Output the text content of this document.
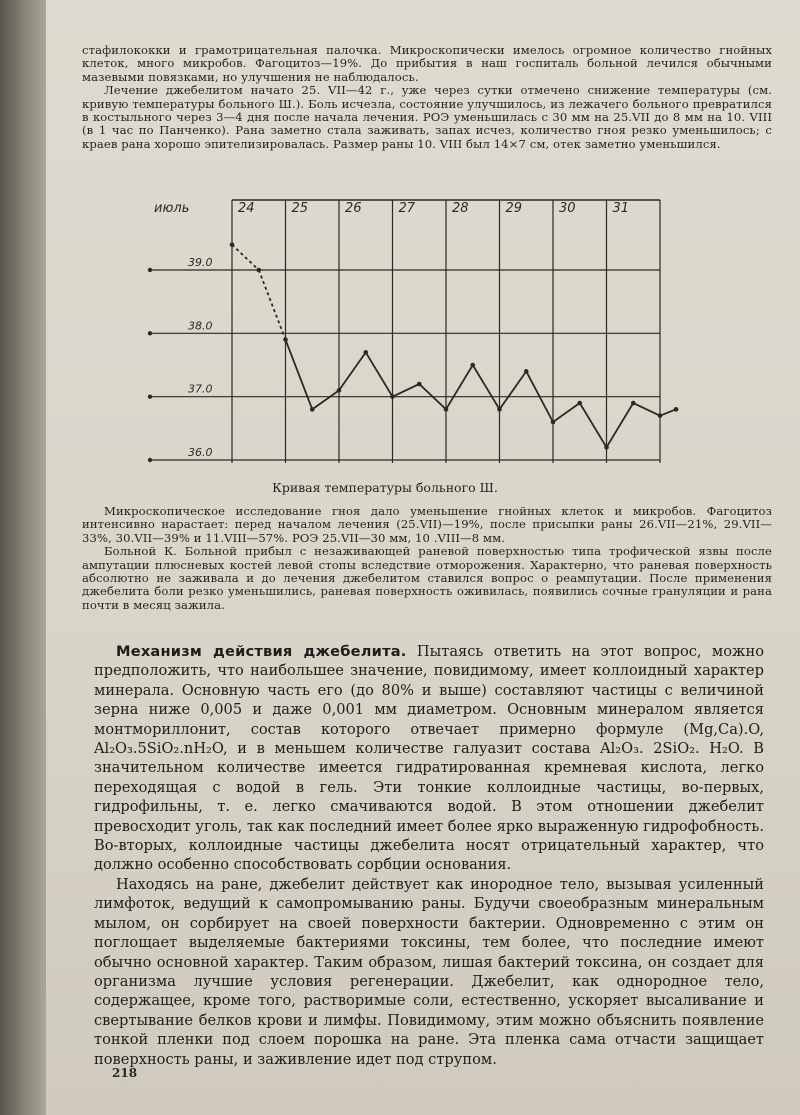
стафилококки и грамотрицательная палочка. Микроскопически имелось огромное количество гнойных клеток, много микробов. Фагоцитоз—19%. До прибытия в наш госпиталь больной лечился обычными мазевыми повязками, но улучшения не наблюдалось.

Лечение джебелитом начато 25. VII—42 г., уже через сутки отмечено снижение температуры (см. кривую температуры больного Ш.). Боль исчезла, состояние улучшилось, из лежачего больного превратился в костыльного через 3—4 дня после начала лечения. РОЭ уменьшилась с 30 мм на 25.VII до 8 мм на 10. VIII (в 1 час по Панченко). Рана заметно стала заживать, запах исчез, количество гноя резко уменьшилось; с краев рана хорошо эпителизировалась. Размер раны 10. VIII был 14×7 см, отек заметно уменьшился.

июль	24	25	26	27	28	29	30	31
39.0
38.0
37.0
36.0
Кривая температуры больного Ш.

Микроскопическое исследование гноя дало уменьшение гнойных клеток и микробов. Фагоцитоз интенсивно нарастает: перед началом лечения (25.VII)—19%, после присыпки раны 26.VII—21%, 29.VII—33%, 30.VII—39% и 11.VIII—57%. РОЭ 25.VII—30 мм, 10 .VIII—8 мм.

Больной К. Больной прибыл с незаживающей раневой поверхностью типа трофической язвы после ампутации плюсневых костей левой стопы вследствие отморожения. Характерно, что раневая поверхность абсолютно не заживала и до лечения джебелитом ставился вопрос о реампутации. После применения джебелита боли резко уменьшились, раневая поверхность оживилась, появились сочные грануляции и рана почти в месяц зажила.

Механизм действия джебелита. Пытаясь ответить на этот вопрос, можно предположить, что наибольшее значение, повидимому, имеет коллоидный характер минерала. Основную часть его (до 80% и выше) составляют частицы с величиной зерна ниже 0,005 и даже 0,001 мм диаметром. Основным минералом является монтмориллонит, состав которого отвечает примерно формуле (Mg,Ca).O, Al₂O₃.5SiO₂.nH₂O, и в меньшем количестве галуазит состава Al₂O₃. 2SiO₂. H₂O. В значительном количестве имеется гидратированная кремневая кислота, легко переходящая с водой в гель. Эти тонкие коллоидные частицы, во-первых, гидрофильны, т. е. легко смачиваются водой. В этом отношении джебелит превосходит уголь, так как последний имеет более ярко выраженную гидрофобность. Во-вторых, коллоидные частицы джебелита носят отрицательный характер, что должно особенно способствовать сорбции основания.

Находясь на ране, джебелит действует как инородное тело, вызывая усиленный лимфоток, ведущий к самопромыванию раны. Будучи своеобразным минеральным мылом, он сорбирует на своей поверхности бактерии. Одновременно с этим он поглощает выделяемые бактериями токсины, тем более, что последние имеют обычно основной характер. Таким образом, лишая бактерий токсина, он создает для организма лучшие условия регенерации. Джебелит, как однородное тело, содержащее, кроме того, растворимые соли, естественно, ускоряет высаливание и свертывание белков крови и лимфы. Повидимому, этим можно объяснить появление тонкой пленки под слоем порошка на ране. Эта пленка сама отчасти защищает поверхность раны, и заживление идет под струпом.

218
